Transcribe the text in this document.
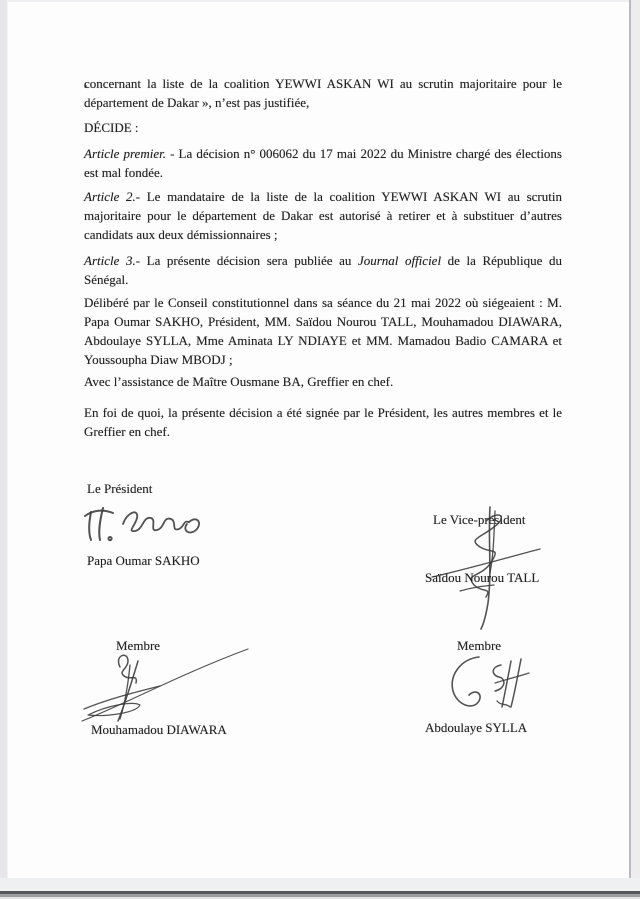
concernant la liste de la coalition YEWWI ASKAN WI au scrutin majoritaire pour le département de Dakar », n’est pas justifiée,

DÉCIDE :

Article premier. - La décision n° 006062 du 17 mai 2022 du Ministre chargé des élections est mal fondée.

Article 2.- Le mandataire de la liste de la coalition YEWWI ASKAN WI au scrutin majoritaire pour le département de Dakar est autorisé à retirer et à substituer d’autres candidats aux deux démissionnaires ;

Article 3.- La présente décision sera publiée au Journal officiel de la République du Sénégal.

Délibéré par le Conseil constitutionnel dans sa séance du 21 mai 2022 où siégeaient : M. Papa Oumar SAKHO, Président, MM. Saïdou Nourou TALL, Mouhamadou DIAWARA, Abdoulaye SYLLA, Mme Aminata LY NDIAYE et MM. Mamadou Badio CAMARA et Youssoupha Diaw MBODJ ;

Avec l’assistance de Maître Ousmane BA, Greffier en chef.

En foi de quoi, la présente décision a été signée par le Président, les autres membres et le Greffier en chef.

Le Président
Papa Oumar SAKHO
Le Vice-président
Saïdou Nourou TALL
Membre
Mouhamadou DIAWARA
Membre
Abdoulaye SYLLA
